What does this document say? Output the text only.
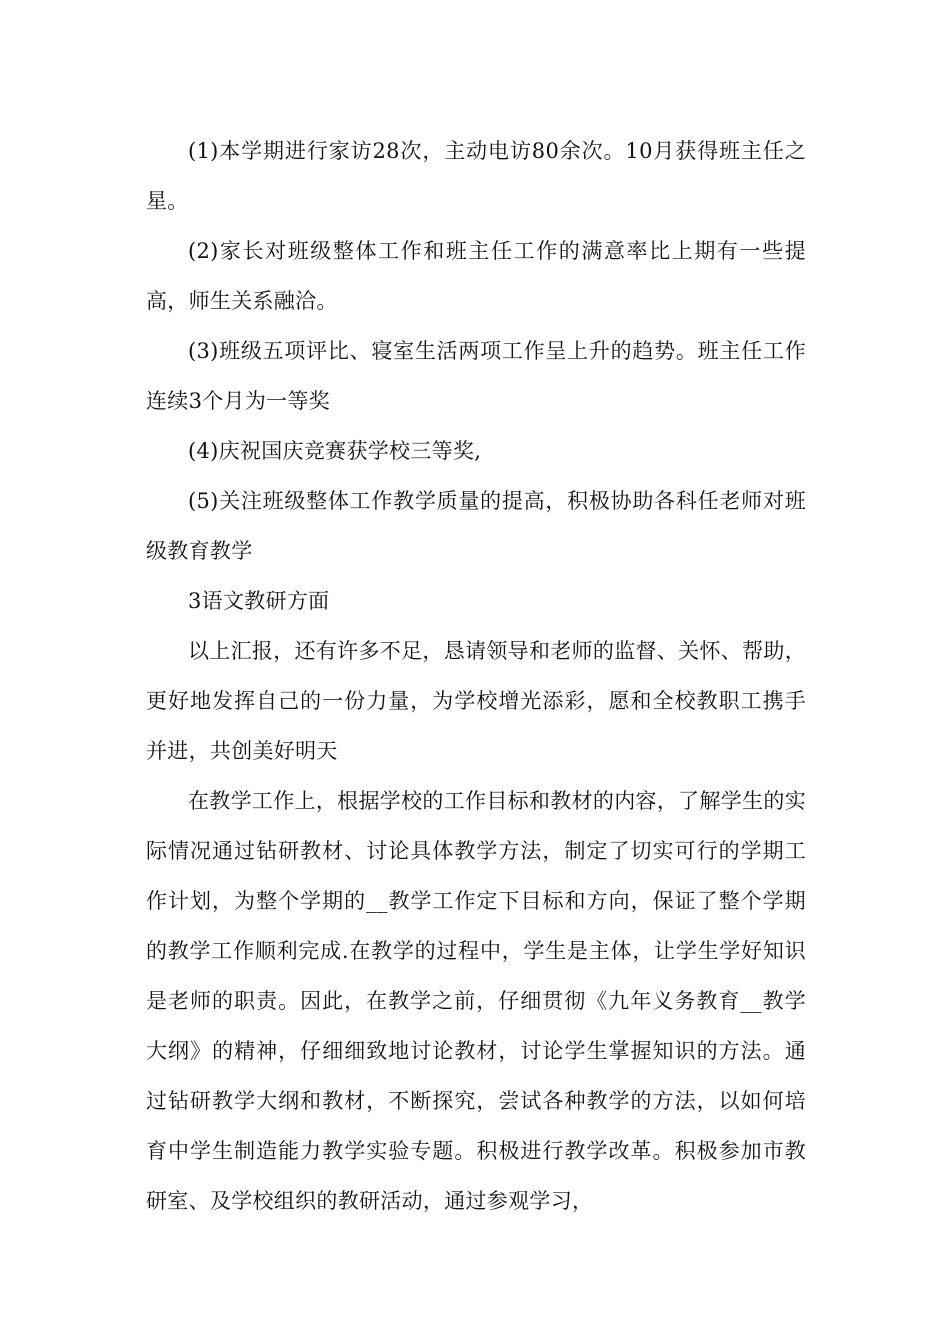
(1)本学期进行家访28次，主动电访80余次。10月获得班主任之星。

(2)家长对班级整体工作和班主任工作的满意率比上期有一些提高，师生关系融洽。

(3)班级五项评比、寝室生活两项工作呈上升的趋势。班主任工作连续3个月为一等奖

(4)庆祝国庆竞赛获学校三等奖,

(5)关注班级整体工作教学质量的提高，积极协助各科任老师对班级教育教学

3语文教研方面

以上汇报，还有许多不足，恳请领导和老师的监督、关怀、帮助，更好地发挥自己的一份力量，为学校增光添彩，愿和全校教职工携手并进，共创美好明天

在教学工作上，根据学校的工作目标和教材的内容，了解学生的实际情况通过钻研教材、讨论具体教学方法，制定了切实可行的学期工作计划，为整个学期的__教学工作定下目标和方向，保证了整个学期的教学工作顺利完成.在教学的过程中，学生是主体，让学生学好知识是老师的职责。因此，在教学之前，仔细贯彻《九年义务教育__教学大纲》的精神，仔细细致地讨论教材，讨论学生掌握知识的方法。通过钻研教学大纲和教材，不断探究，尝试各种教学的方法，以如何培育中学生制造能力教学实验专题。积极进行教学改革。积极参加市教研室、及学校组织的教研活动，通过参观学习，
